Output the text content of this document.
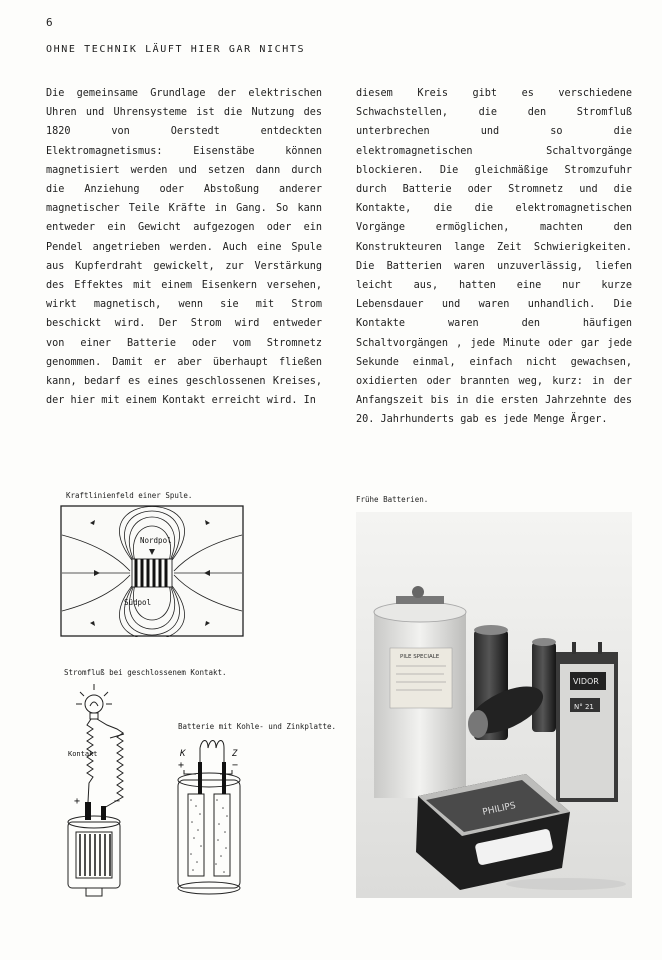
6
OHNE TECHNIK LÄUFT HIER GAR NICHTS

Die gemeinsame Grundlage der elektrischen

Uhren und Uhrensysteme ist die Nutzung des

1820 von Oerstedt entdeckten

Elektromagnetismus: Eisenstäbe können

magnetisiert werden und setzen dann durch

die Anziehung oder Abstoßung anderer

magnetischer Teile Kräfte in Gang. So kann

entweder ein Gewicht aufgezogen oder ein

Pendel angetrieben werden. Auch eine Spule

aus Kupferdraht gewickelt, zur Verstärkung

des Effektes mit einem Eisenkern versehen,

wirkt magnetisch, wenn sie mit Strom

beschickt wird. Der Strom wird entweder

von einer Batterie oder vom Stromnetz

genommen. Damit er aber überhaupt fließen

kann, bedarf es eines geschlossenen Kreises,

der hier mit einem Kontakt erreicht wird. In

diesem Kreis gibt es verschiedene

Schwachstellen, die den Stromfluß

unterbrechen und so die

elektromagnetischen Schaltvorgänge

blockieren. Die gleichmäßige Stromzufuhr

durch Batterie oder Stromnetz und die

Kontakte, die die elektromagnetischen

Vorgänge ermöglichen, machten den

Konstrukteuren lange Zeit Schwierigkeiten.

Die Batterien waren unzuverlässig, liefen

leicht aus, hatten eine nur kurze

Lebensdauer und waren unhandlich. Die

Kontakte waren den häufigen

Schaltvorgängen , jede Minute oder gar jede

Sekunde einmal, einfach nicht gewachsen,

oxidierten oder brannten weg, kurz: in der

Anfangszeit bis in die ersten Jahrzehnte des

20. Jahrhunderts gab es jede Menge Ärger.

Kraftlinienfeld einer Spule.
Nordpol
Südpol
Stromfluß bei geschlossenem Kontakt.
Kontakt
+	−
Batterie mit Kohle- und Zinkplatte.
K	Z
+	−
Frühe Batterien.
VIDOR
N° 21
PILE SPECIALE
PHILIPS
